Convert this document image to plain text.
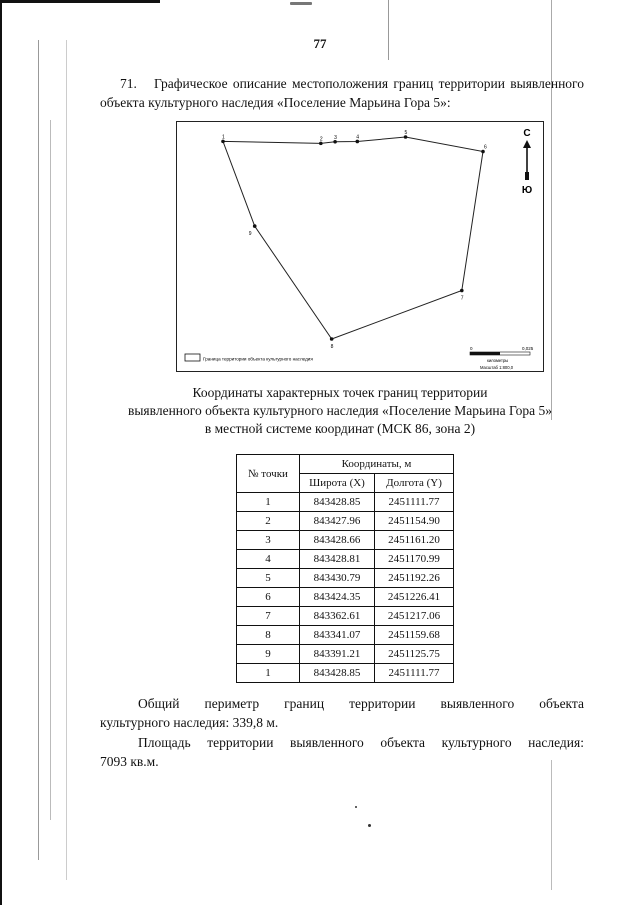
77
71. Графическое описание местоположения границ территории выявленного объекта культурного наследия «Поселение Марьина Гора 5»:
1	2 3	4
5
6
7
8
9
С
Ю
Граница территории объекта культурного наследия
0	0,025
километры
Масштаб 1:800,0
Координаты характерных точек границ территории
выявленного объекта культурного наследия «Поселение Марьина Гора 5»
в местной системе координат (МСК 86, зона 2)
№ точки	Координаты, м	
	Широта (X)	Долгота (Y)
1	843428.85	2451111.77
2	843427.96	2451154.90
3	843428.66	2451161.20
4	843428.81	2451170.99
5	843430.79	2451192.26
6	843424.35	2451226.41
7	843362.61	2451217.06
8	843341.07	2451159.68
9	843391.21	2451125.75
1	843428.85	2451111.77
Общий периметр границ территории выявленного объекта
культурного наследия: 339,8 м.
Площадь территории выявленного объекта культурного наследия:
7093 кв.м.
